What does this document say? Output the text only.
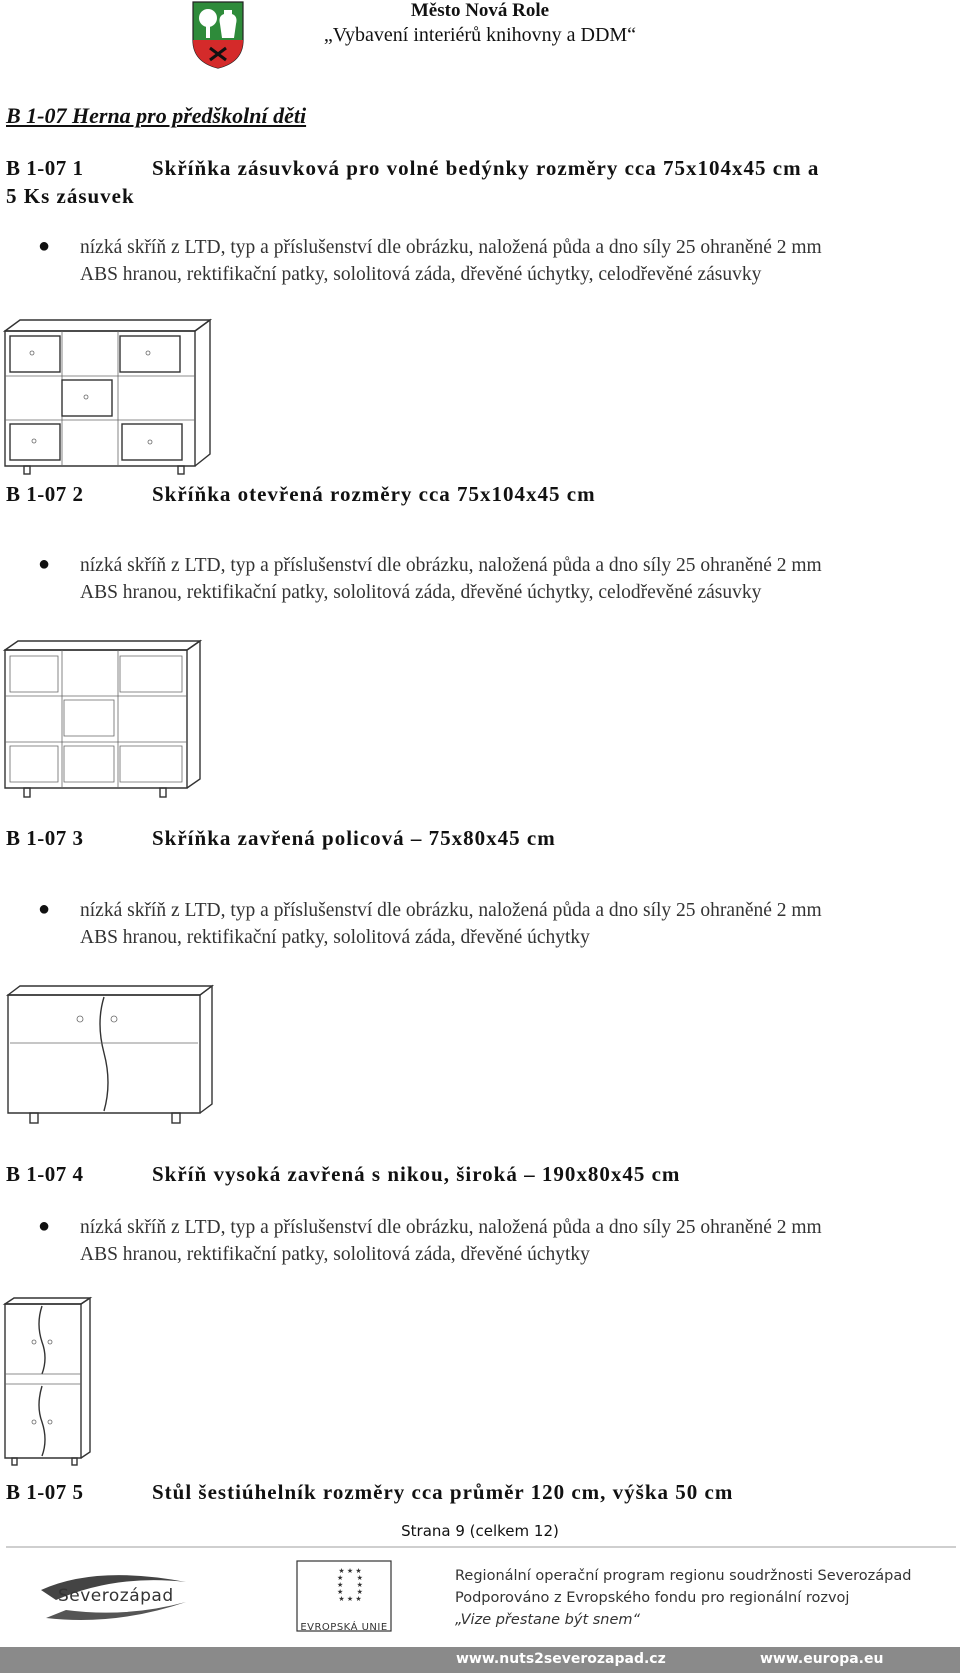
Město Nová Role
„Vybavení interiérů knihovny a DDM“
B 1-07 Herna pro předškolní děti
B 1-07 1	Skříňka zásuvková pro volné bedýnky rozměry cca 75x104x45 cm a
5 Ks zásuvek
● nízká skříň z LTD, typ a příslušenství dle obrázku, naložená půda a dno síly 25 ohraněné 2 mm
ABS hranou, rektifikační patky, sololitová záda, dřevěné úchytky, celodřevěné zásuvky
B 1-07 2	Skříňka otevřená rozměry cca 75x104x45 cm
● nízká skříň z LTD, typ a příslušenství dle obrázku, naložená půda a dno síly 25 ohraněné 2 mm
ABS hranou, rektifikační patky, sololitová záda, dřevěné úchytky, celodřevěné zásuvky
B 1-07 3	Skříňka zavřená policová – 75x80x45 cm
● nízká skříň z LTD, typ a příslušenství dle obrázku, naložená půda a dno síly 25 ohraněné 2 mm
ABS hranou, rektifikační patky, sololitová záda, dřevěné úchytky
B 1-07 4	Skříň vysoká zavřená s nikou, široká – 190x80x45 cm
● nízká skříň z LTD, typ a příslušenství dle obrázku, naložená půda a dno síly 25 ohraněné 2 mm
ABS hranou, rektifikační patky, sololitová záda, dřevěné úchytky
B 1-07 5	Stůl šestiúhelník rozměry cca průměr 120 cm, výška 50 cm
Strana 9 (celkem 12)
Severozápad
★ ★ ★
★      ★
★      ★
★      ★
★ ★ ★
EVROPSKÁ UNIE
Regionální operační program regionu soudržnosti Severozápad
Podporováno z Evropského fondu pro regionální rozvoj
„Vize přestane být snem“
www.nuts2severozapad.cz	www.europa.eu
